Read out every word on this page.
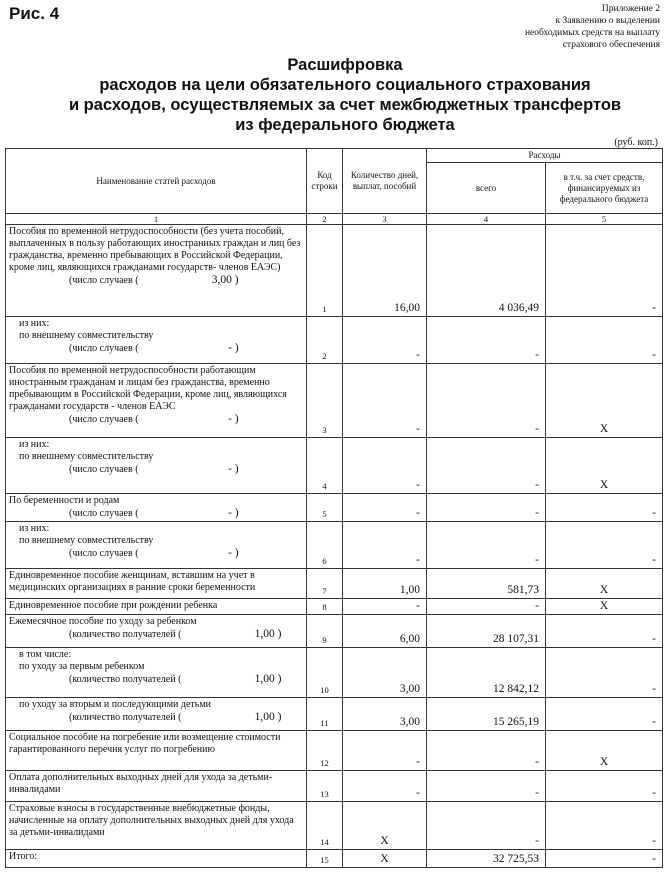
Рис. 4	Приложение 2
к Заявлению о выделении
необходимых средств на выплату
страхового обеспечения
Расшифровка
расходов на цели обязательного социального страхования
и расходов, осуществляемых за счет межбюджетных трансфертов
из федерального бюджета
(руб. коп.)
Наименование статей расходов	Код строки	Количество дней, выплат, пособий	Расходы	
			всего	в т.ч. за счет средств, финансируемых из федерального бюджета
1	2	3	4	5

Пособия по временной нетрудоспособности (без учета пособий, выплаченных в пользу работающих иностранных граждан и лиц без гражданства, временно пребывающих в Российской Федерации, кроме лиц, являющихся гражданами государств- членов ЕАЭС)
(число случаев ( 3,00 )	1	16,00	4 036,49	-

из них:
по внешнему совместительству
(число случаев ( - )	2	-	-	-

Пособия по временной нетрудоспособности работающим иностранным гражданам и лицам без гражданства, временно пребывающим в Российской Федерации, кроме лиц, являющихся гражданами государств - членов ЕАЭС
(число случаев ( - )	3	-	-	X

из них:
по внешнему совместительству
(число случаев ( - )	4	-	-	X

По беременности и родам
(число случаев ( - )	5	-	-	-

из них:
по внешнему совместительству
(число случаев ( - )	6	-	-	-

Единовременное пособие женщинам, вставшим на учет в медицинских организациях в ранние сроки беременности	7	1,00	581,73	X

Единовременное пособие при рождении ребенка	8	-	-	X

Ежемесячное пособие по уходу за ребенком
(количество получателей ( 1,00 )	9	6,00	28 107,31	-

в том числе:
по уходу за первым ребенком
(количество получателей ( 1,00 )	10	3,00	12 842,12	-

по уходу за вторым и последующими детьми
(количество получателей ( 1,00 )	11	3,00	15 265,19	-

Социальное пособие на погребение или возмещение стоимости гарантированного перечня услуг по погребению	12	-	-	X

Оплата дополнительных выходных дней для ухода за детьми-инвалидами	13	-	-	-

Страховые взносы в государственные внебюджетные фонды, начисленные на оплату дополнительных выходных дней для ухода за детьми-инвалидами	14	X	-	-

Итого:	15	X	32 725,53	-
